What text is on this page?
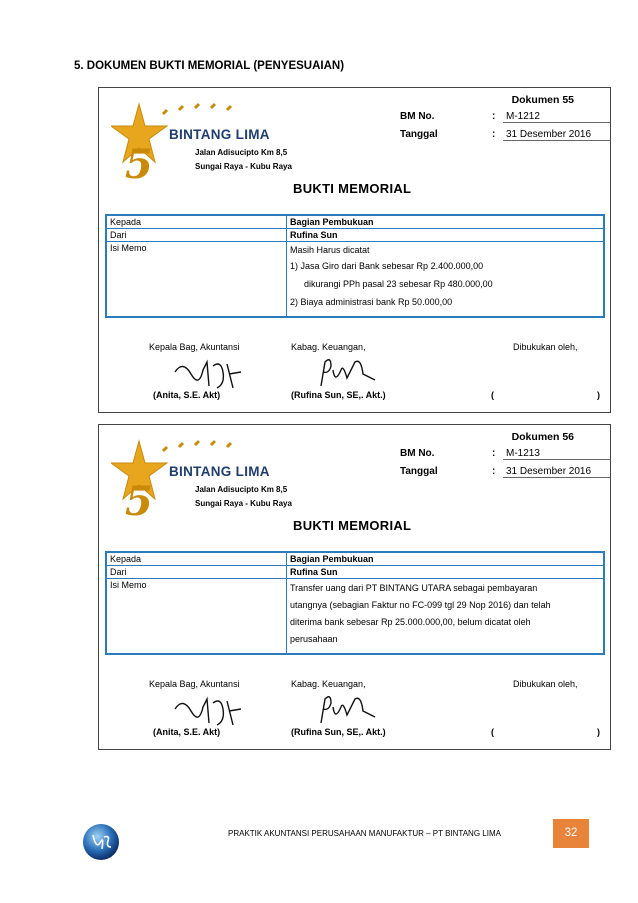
5. DOKUMEN BUKTI MEMORIAL (PENYESUAIAN)
5
BINTANG LIMA
Jalan Adisucipto Km 8,5
Sungai Raya - Kubu Raya
Dokumen 55
BM No.	:	M-1212
Tanggal	:	31 Desember 2016
BUKTI MEMORIAL
Kepada	Bagian Pembukuan
Dari	Rufina Sun
Isi Memo	Masih Harus dicatat
1) Jasa Giro dari Bank sebesar Rp 2.400.000,00
dikurangi PPh pasal 23 sebesar Rp 480.000,00
2) Biaya administrasi bank Rp 50.000,00
Kepala Bag, Akuntansi	Kabag. Keuangan,	Dibukukan oleh,
(Anita, S.E. Akt)	(Rufina Sun, SE,. Akt.)	(	)
5
BINTANG LIMA
Jalan Adisucipto Km 8,5
Sungai Raya - Kubu Raya
Dokumen 56
BM No.	:	M-1213
Tanggal	:	31 Desember 2016
BUKTI MEMORIAL
Kepada	Bagian Pembukuan
Dari	Rufina Sun
Isi Memo	Transfer uang dari PT BINTANG UTARA sebagai pembayaran
utangnya (sebagian Faktur no FC-099 tgl 29 Nop 2016) dan telah
diterima bank sebesar Rp 25.000.000,00, belum dicatat oleh
perusahaan
Kepala Bag, Akuntansi	Kabag. Keuangan,	Dibukukan oleh,
(Anita, S.E. Akt)	(Rufina Sun, SE,. Akt.)	(	)
PRAKTIK AKUNTANSI PERUSAHAAN MANUFAKTUR – PT BINTANG LIMA	32
